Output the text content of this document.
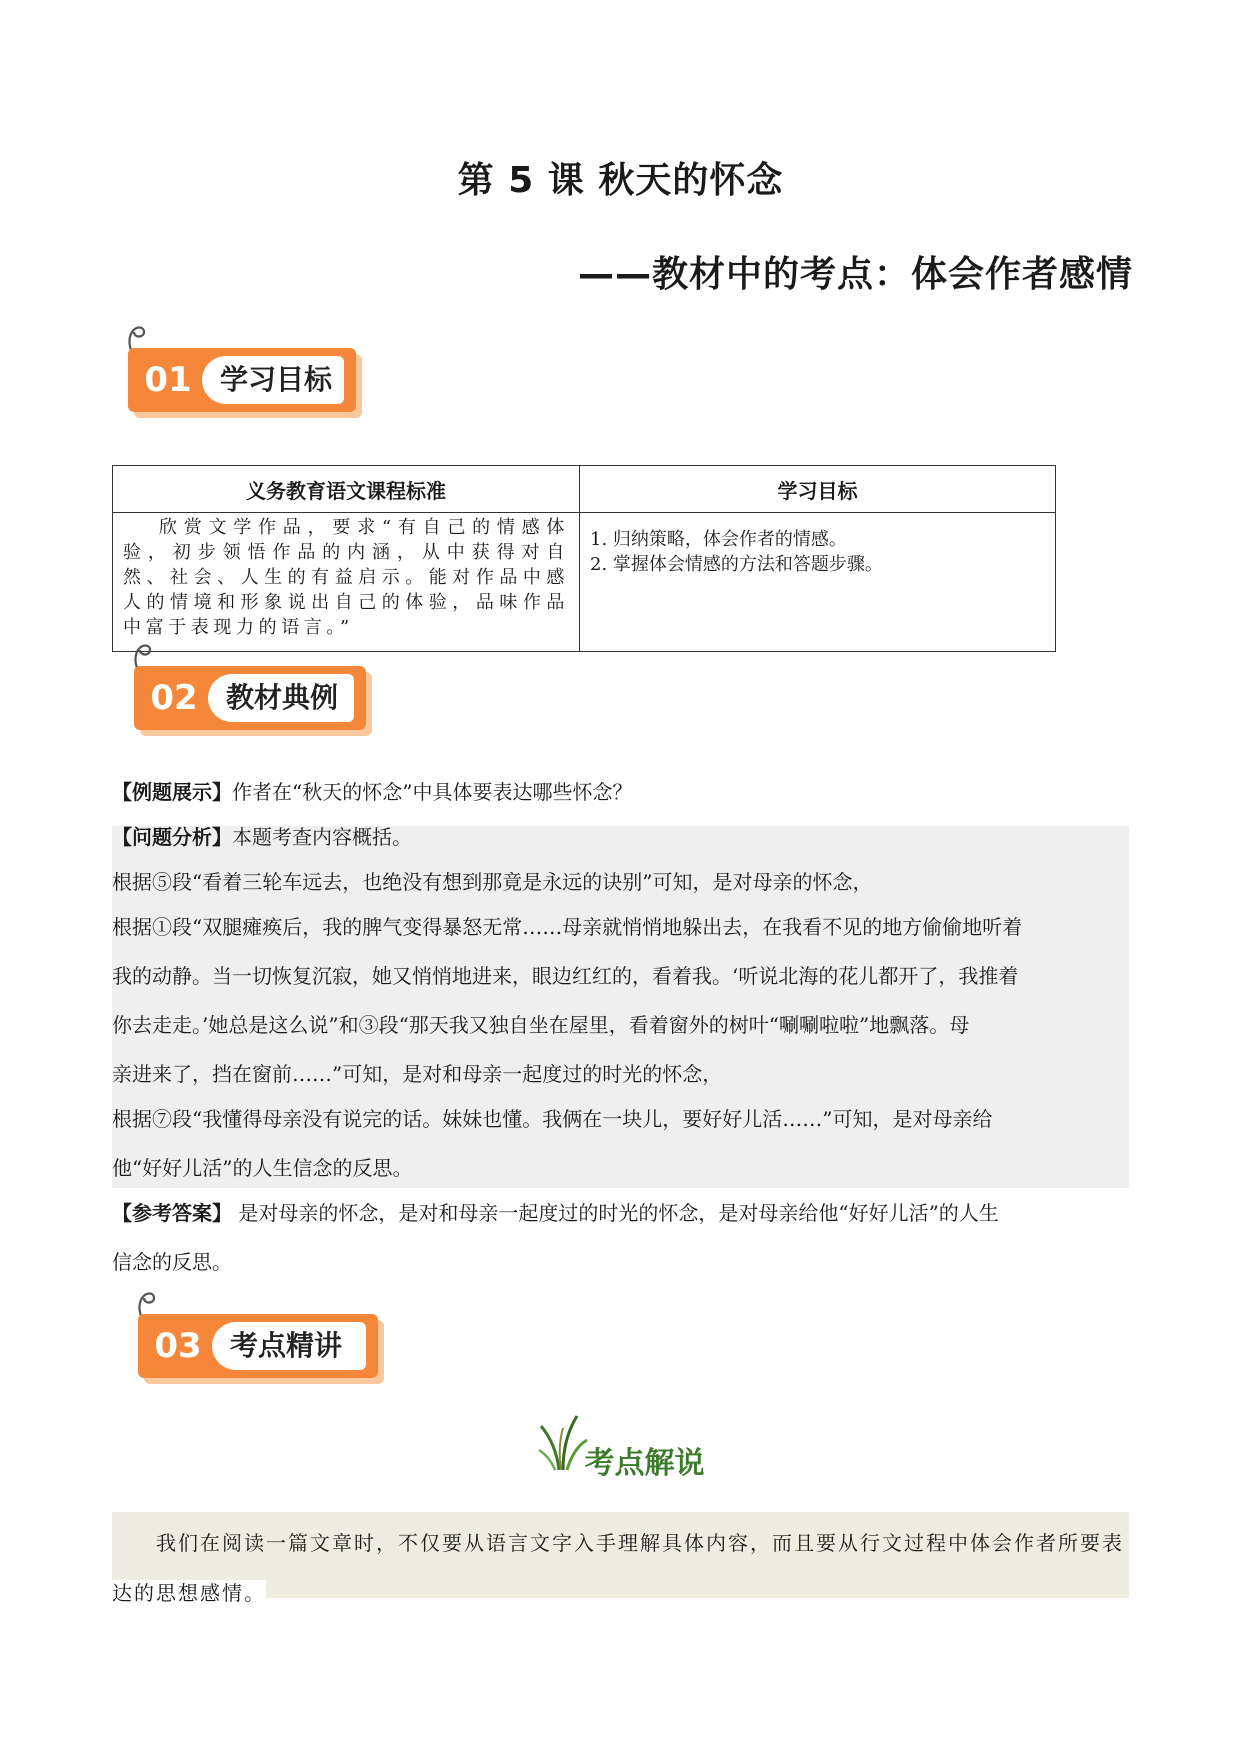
第 5 课 秋天的怀念
——教材中的考点：体会作者感情
01	学习目标
义务教育语文课程标准	学习目标
欣赏文学作品，要求“有自己的情感体验，初步领悟作品的内涵，从中获得对自然、社会、人生的有益启示。能对作品中感人的情境和形象说出自己的体验，品味作品中富于表现力的语言。”	1. 归纳策略，体会作者的情感。
2. 掌握体会情感的方法和答题步骤。
02	教材典例
【例题展示】作者在“秋天的怀念”中具体要表达哪些怀念？
【问题分析】本题考查内容概括。
根据⑤段“看着三轮车远去，也绝没有想到那竟是永远的诀别”可知，是对母亲的怀念，
根据①段“双腿瘫痪后，我的脾气变得暴怒无常……母亲就悄悄地躲出去，在我看不见的地方偷偷地听着
我的动静。当一切恢复沉寂，她又悄悄地进来，眼边红红的，看着我。‘听说北海的花儿都开了，我推着
你去走走。’她总是这么说”和③段“那天我又独自坐在屋里，看着窗外的树叶“唰唰啦啦”地飘落。母
亲进来了，挡在窗前……”可知，是对和母亲一起度过的时光的怀念，
根据⑦段“我懂得母亲没有说完的话。妹妹也懂。我俩在一块儿，要好好儿活……”可知，是对母亲给
他“好好儿活”的人生信念的反思。
【参考答案】 是对母亲的怀念，是对和母亲一起度过的时光的怀念，是对母亲给他“好好儿活”的人生
信念的反思。
03	考点精讲
考点解说
我们在阅读一篇文章时，不仅要从语言文字入手理解具体内容，而且要从行文过程中体会作者所要表
达的思想感情。
